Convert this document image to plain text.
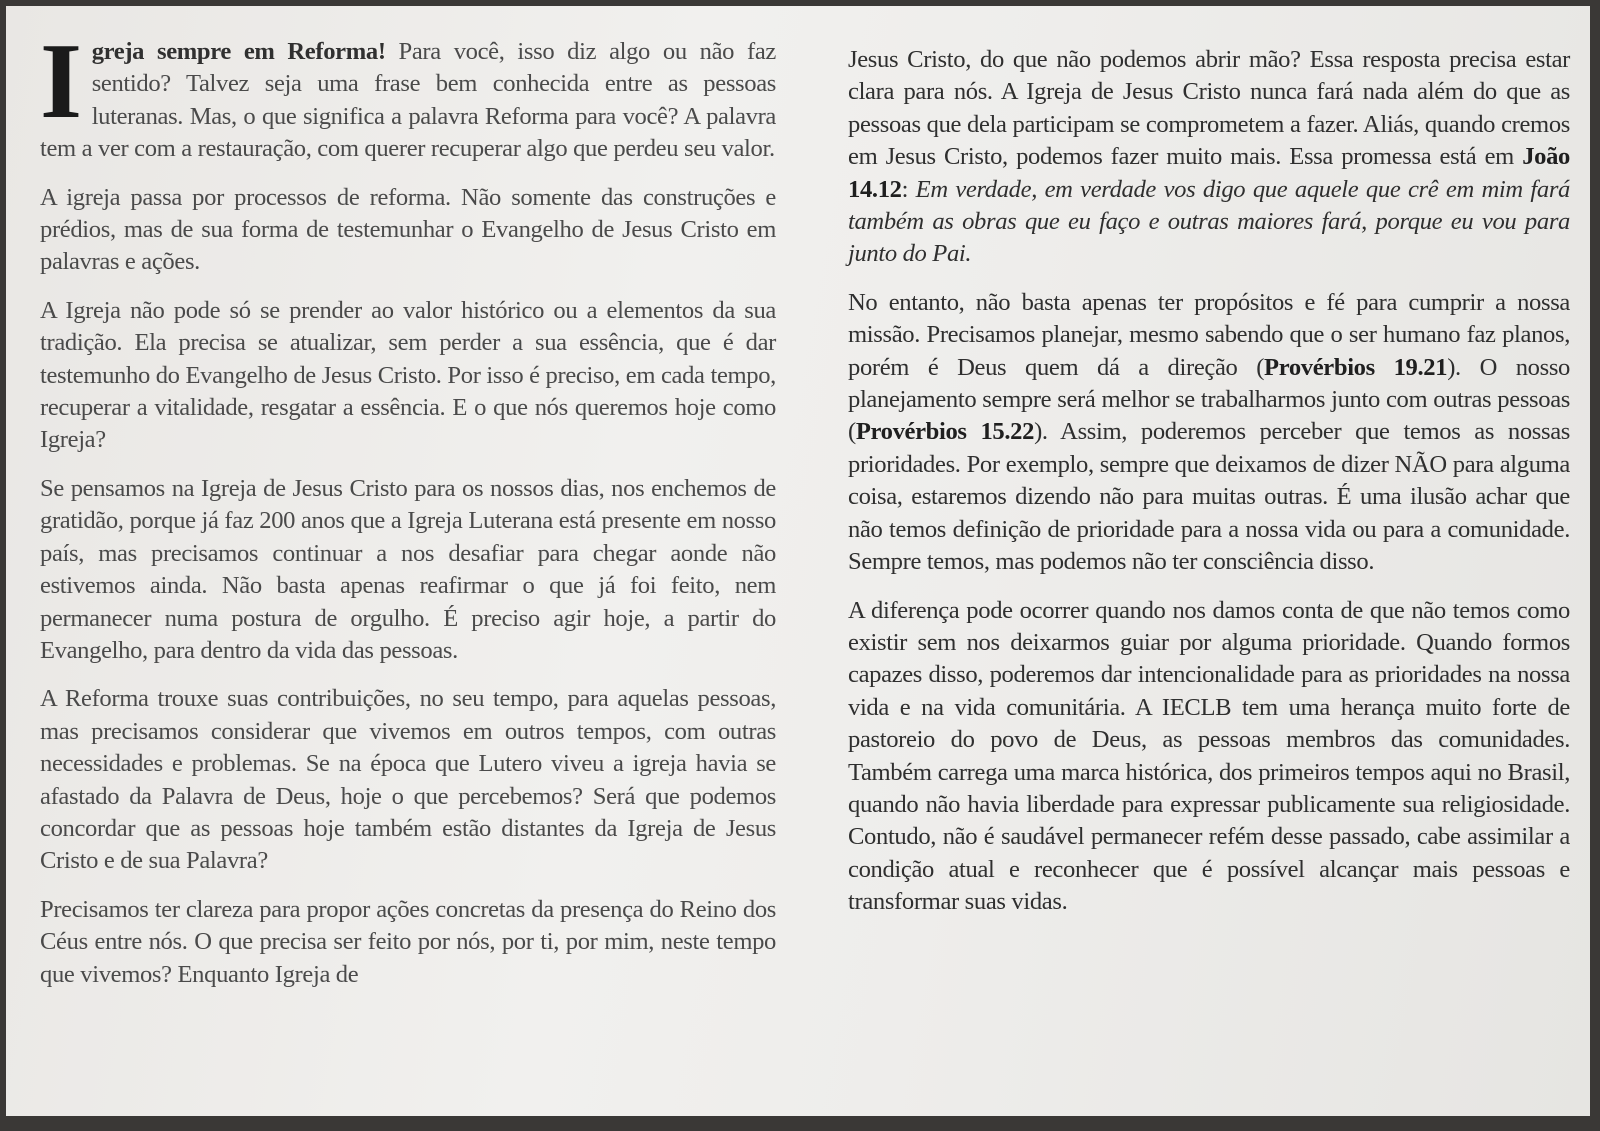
Igreja sempre em Reforma! Para você, isso diz algo ou não faz sentido? Talvez seja uma frase bem conhecida entre as pessoas luteranas. Mas, o que significa a palavra Reforma para você? A palavra tem a ver com a restauração, com querer recuperar algo que perdeu seu valor.

A igreja passa por processos de reforma. Não somente das construções e prédios, mas de sua forma de testemunhar o Evangelho de Jesus Cristo em palavras e ações.

A Igreja não pode só se prender ao valor histórico ou a elementos da sua tradição. Ela precisa se atualizar, sem perder a sua essência, que é dar testemunho do Evangelho de Jesus Cristo. Por isso é preciso, em cada tempo, recuperar a vitalidade, resgatar a essência. E o que nós queremos hoje como Igreja?

Se pensamos na Igreja de Jesus Cristo para os nossos dias, nos enchemos de gratidão, porque já faz 200 anos que a Igreja Luterana está presente em nosso país, mas precisamos continuar a nos desafiar para chegar aonde não estivemos ainda. Não basta apenas reafirmar o que já foi feito, nem permanecer numa postura de orgulho. É preciso agir hoje, a partir do Evangelho, para dentro da vida das pessoas.

A Reforma trouxe suas contribuições, no seu tempo, para aquelas pessoas, mas precisamos considerar que vivemos em outros tempos, com outras necessidades e problemas. Se na época que Lutero viveu a igreja havia se afastado da Palavra de Deus, hoje o que percebemos? Será que podemos concordar que as pessoas hoje também estão distantes da Igreja de Jesus Cristo e de sua Palavra?

Precisamos ter clareza para propor ações concretas da presença do Reino dos Céus entre nós. O que precisa ser feito por nós, por ti, por mim, neste tempo que vivemos? Enquanto Igreja de

Jesus Cristo, do que não podemos abrir mão? Essa resposta precisa estar clara para nós. A Igreja de Jesus Cristo nunca fará nada além do que as pessoas que dela participam se comprometem a fazer. Aliás, quando cremos em Jesus Cristo, podemos fazer muito mais. Essa promessa está em João 14.12: Em verdade, em verdade vos digo que aquele que crê em mim fará também as obras que eu faço e outras maiores fará, porque eu vou para junto do Pai.

No entanto, não basta apenas ter propósitos e fé para cumprir a nossa missão. Precisamos planejar, mesmo sabendo que o ser humano faz planos, porém é Deus quem dá a direção (Provérbios 19.21). O nosso planejamento sempre será melhor se trabalharmos junto com outras pessoas (Provérbios 15.22). Assim, poderemos perceber que temos as nossas prioridades. Por exemplo, sempre que deixamos de dizer NÃO para alguma coisa, estaremos dizendo não para muitas outras. É uma ilusão achar que não temos definição de prioridade para a nossa vida ou para a comunidade. Sempre temos, mas podemos não ter consciência disso.

A diferença pode ocorrer quando nos damos conta de que não temos como existir sem nos deixarmos guiar por alguma prioridade. Quando formos capazes disso, poderemos dar intencionalidade para as prioridades na nossa vida e na vida comunitária. A IECLB tem uma herança muito forte de pastoreio do povo de Deus, as pessoas membros das comunidades. Também carrega uma marca histórica, dos primeiros tempos aqui no Brasil, quando não havia liberdade para expressar publicamente sua religiosidade. Contudo, não é saudável permanecer refém desse passado, cabe assimilar a condição atual e reconhecer que é possível alcançar mais pessoas e transformar suas vidas.
